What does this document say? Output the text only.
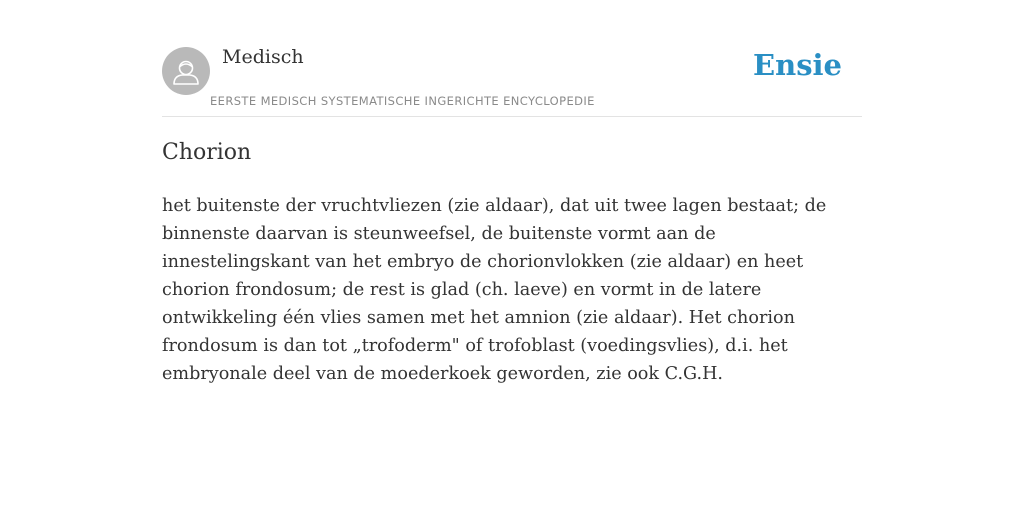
Medisch
EERSTE MEDISCH SYSTEMATISCHE INGERICHTE ENCYCLOPEDIE
Ensie
Chorion

het buitenste der vruchtvliezen (zie aldaar), dat uit twee lagen bestaat; de binnenste daarvan is steunweefsel, de buitenste vormt aan de innestelingskant van het embryo de chorionvlokken (zie aldaar) en heet chorion frondosum; de rest is glad (ch. laeve) en vormt in de latere ontwikkeling één vlies samen met het amnion (zie aldaar). Het chorion frondosum is dan tot „trofoderm" of trofoblast (voedingsvlies), d.i. het embryonale deel van de moederkoek geworden, zie ook C.G.H.
